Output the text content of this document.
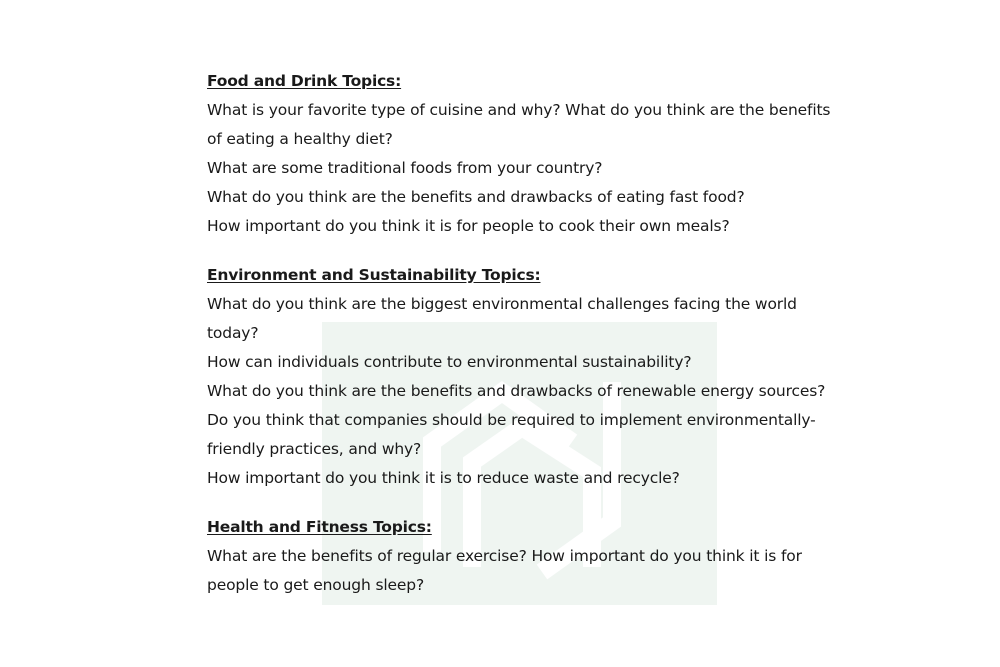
Food and Drink Topics:
What is your favorite type of cuisine and why? What do you think are the benefits of eating a healthy diet?
What are some traditional foods from your country?
What do you think are the benefits and drawbacks of eating fast food?
How important do you think it is for people to cook their own meals?
Environment and Sustainability Topics:
What do you think are the biggest environmental challenges facing the world today?
How can individuals contribute to environmental sustainability?
What do you think are the benefits and drawbacks of renewable energy sources?
Do you think that companies should be required to implement environmentally-friendly practices, and why?
How important do you think it is to reduce waste and recycle?
Health and Fitness Topics:
What are the benefits of regular exercise? How important do you think it is for people to get enough sleep?
